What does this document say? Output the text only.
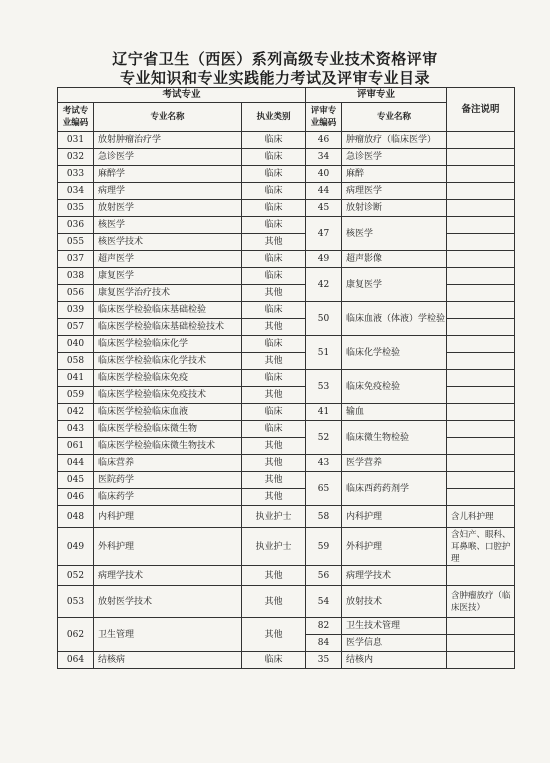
辽宁省卫生（西医）系列高级专业技术资格评审
专业知识和专业实践能力考试及评审专业目录
考试专业			评审专业		备注说明
考试专业编码	专业名称	执业类别	评审专业编码	专业名称	
031	放射肿瘤治疗学	临床	46	肿瘤放疗（临床医学）	
032	急诊医学	临床	34	急诊医学	
033	麻醉学	临床	40	麻醉	
034	病理学	临床	44	病理医学	
035	放射医学	临床	45	放射诊断	
036	核医学	临床	47	核医学	
055	核医学技术	其他			
037	超声医学	临床	49	超声影像	
038	康复医学	临床	42	康复医学	
056	康复医学治疗技术	其他			
039	临床医学检验临床基础检验	临床	50	临床血液（体液）学检验	
057	临床医学检验临床基础检验技术	其他			
040	临床医学检验临床化学	临床	51	临床化学检验	
058	临床医学检验临床化学技术	其他			
041	临床医学检验临床免疫	临床	53	临床免疫检验	
059	临床医学检验临床免疫技术	其他			
042	临床医学检验临床血液	临床	41	输血	
043	临床医学检验临床微生物	临床	52	临床微生物检验	
061	临床医学检验临床微生物技术	其他			
044	临床营养	其他	43	医学营养	
045	医院药学	其他	65	临床西药药剂学	
046	临床药学	其他			
048	内科护理	执业护士	58	内科护理	含儿科护理
049	外科护理	执业护士	59	外科护理	含妇产、眼科、耳鼻喉、口腔护理
052	病理学技术	其他	56	病理学技术	
053	放射医学技术	其他	54	放射技术	含肿瘤放疗（临床医技）
062	卫生管理	其他	82	卫生技术管理	
			84	医学信息	
064	结核病	临床	35	结核内	
